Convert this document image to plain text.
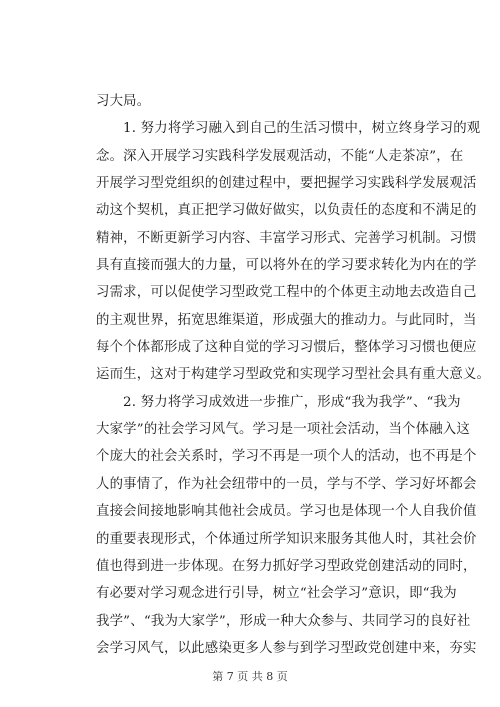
习大局。
1. 努力将学习融入到自己的生活习惯中，树立终身学习的观
念。深入开展学习实践科学发展观活动，不能“人走茶凉”，在
开展学习型党组织的创建过程中，要把握学习实践科学发展观活
动这个契机，真正把学习做好做实，以负责任的态度和不满足的
精神，不断更新学习内容、丰富学习形式、完善学习机制。习惯
具有直接而强大的力量，可以将外在的学习要求转化为内在的学
习需求，可以促使学习型政党工程中的个体更主动地去改造自己
的主观世界，拓宽思维渠道，形成强大的推动力。与此同时，当
每个个体都形成了这种自觉的学习习惯后，整体学习习惯也便应
运而生，这对于构建学习型政党和实现学习型社会具有重大意义。
2. 努力将学习成效进一步推广，形成“我为我学”、“我为
大家学”的社会学习风气。学习是一项社会活动，当个体融入这
个庞大的社会关系时，学习不再是一项个人的活动，也不再是个
人的事情了，作为社会纽带中的一员，学与不学、学习好坏都会
直接会间接地影响其他社会成员。学习也是体现一个人自我价值
的重要表现形式，个体通过所学知识来服务其他人时，其社会价
值也得到进一步体现。在努力抓好学习型政党创建活动的同时，
有必要对学习观念进行引导，树立“社会学习”意识，即“我为
我学”、“我为大家学”，形成一种大众参与、共同学习的良好社
会学习风气，以此感染更多人参与到学习型政党创建中来，夯实
第 7 页 共 8 页
